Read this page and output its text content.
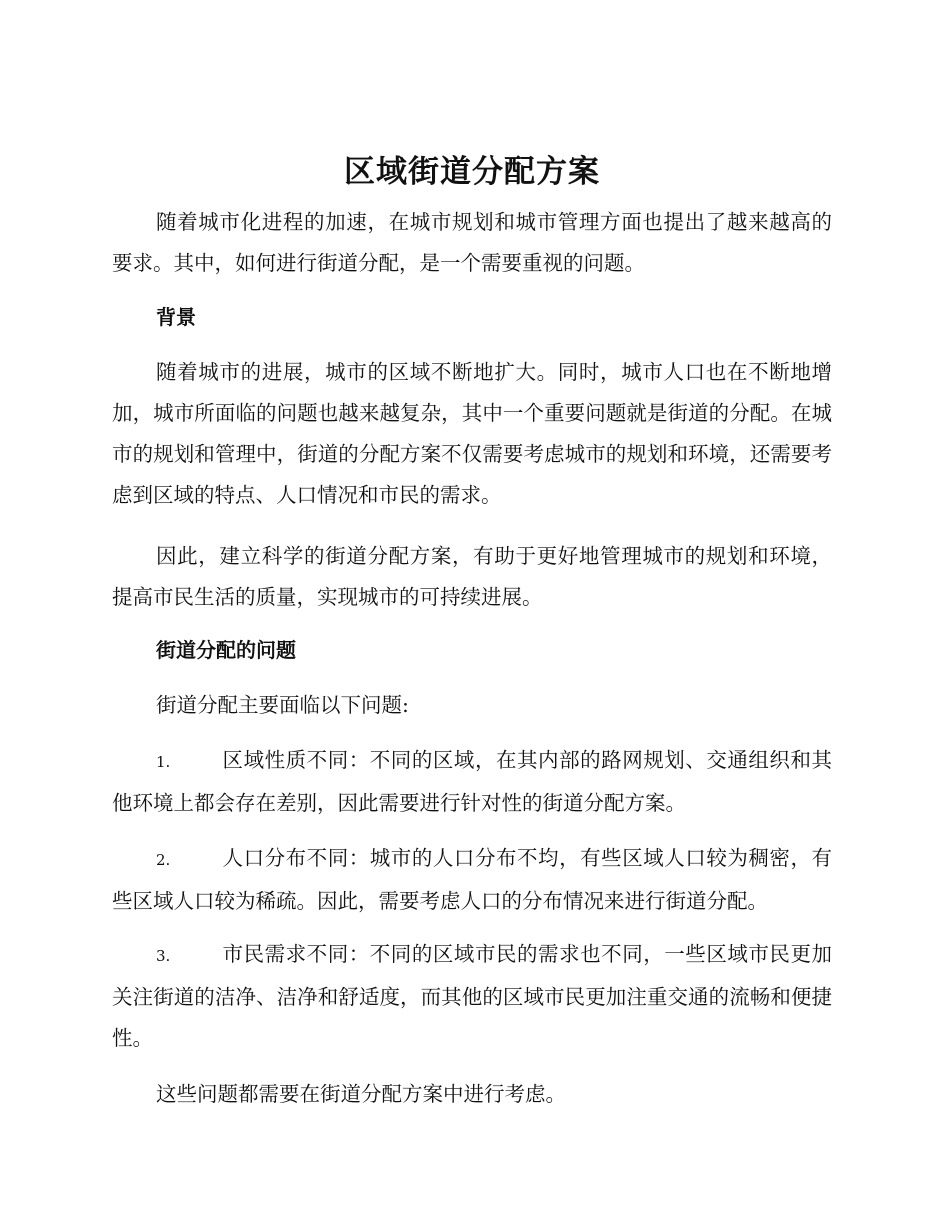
区域街道分配方案

随着城市化进程的加速，在城市规划和城市管理方面也提出了越来越高的要求。其中，如何进行街道分配，是一个需要重视的问题。

背景

随着城市的进展，城市的区域不断地扩大。同时，城市人口也在不断地增加，城市所面临的问题也越来越复杂，其中一个重要问题就是街道的分配。在城市的规划和管理中，街道的分配方案不仅需要考虑城市的规划和环境，还需要考虑到区域的特点、人口情况和市民的需求。

因此，建立科学的街道分配方案，有助于更好地管理城市的规划和环境，提高市民生活的质量，实现城市的可持续进展。

街道分配的问题

街道分配主要面临以下问题:

1.	区域性质不同：不同的区域，在其内部的路网规划、交通组织和其他环境上都会存在差别，因此需要进行针对性的街道分配方案。

2.	人口分布不同：城市的人口分布不均，有些区域人口较为稠密，有些区域人口较为稀疏。因此，需要考虑人口的分布情况来进行街道分配。

3.	市民需求不同：不同的区域市民的需求也不同，一些区域市民更加关注街道的洁净、洁净和舒适度，而其他的区域市民更加注重交通的流畅和便捷性。

这些问题都需要在街道分配方案中进行考虑。
